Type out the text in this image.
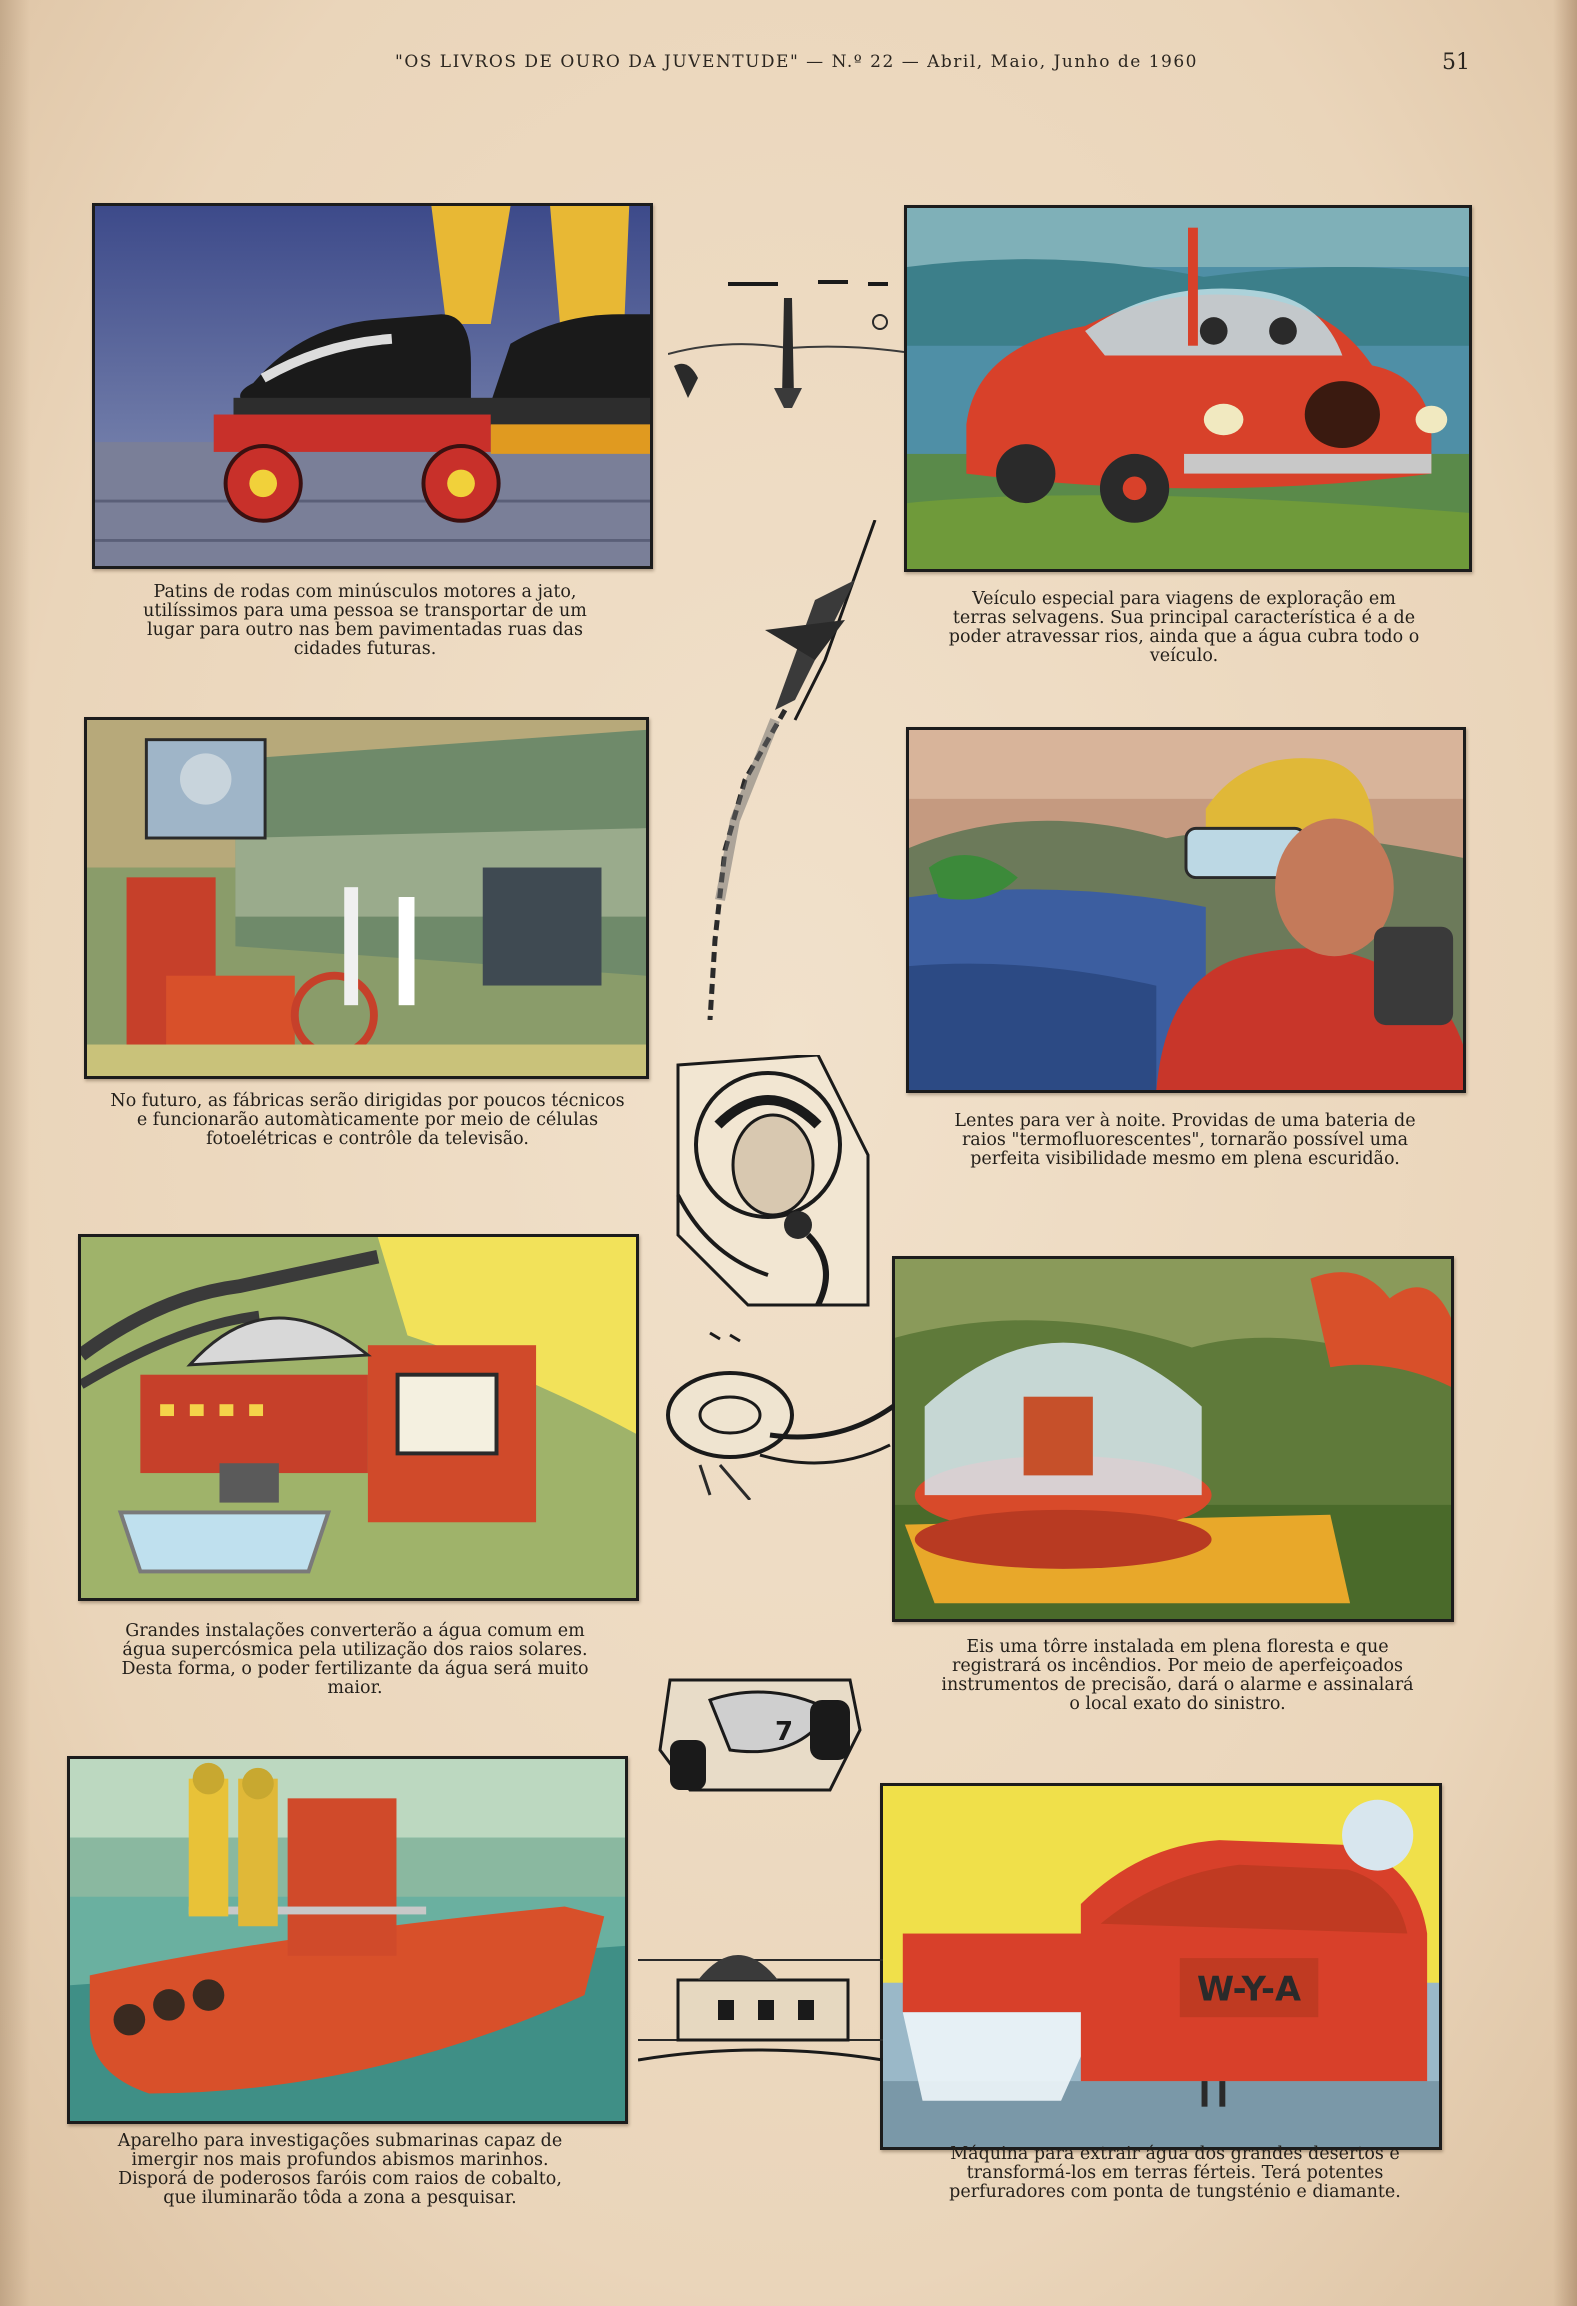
"OS LIVROS DE OURO DA JUVENTUDE" — N.º 22 — Abril, Maio, Junho de 1960	51
Patins de rodas com minúsculos motores a jato, utilíssimos para uma pessoa se transportar de um lugar para outro nas bem pavimentadas ruas das cidades futuras.
Veículo especial para viagens de exploração em terras selvagens. Sua principal característica é a de poder atravessar rios, ainda que a água cubra todo o veículo.
No futuro, as fábricas serão dirigidas por poucos técnicos e funcionarão automàticamente por meio de células fotoelétricas e contrôle da televisão.
Lentes para ver à noite. Providas de uma bateria de raios "termofluorescentes", tornarão possível uma perfeita visibilidade mesmo em plena escuridão.
Grandes instalações converterão a água comum em água supercósmica pela utilização dos raios solares. Desta forma, o poder fertilizante da água será muito maior.
Eis uma tôrre instalada em plena floresta e que registrará os incêndios. Por meio de aperfeiçoados instrumentos de precisão, dará o alarme e assinalará o local exato do sinistro.
Aparelho para investigações submarinas capaz de imergir nos mais profundos abismos marinhos. Disporá de poderosos faróis com raios de cobalto, que iluminarão tôda a zona a pesquisar.
W-Y-A
Máquina para extrair água dos grandes desertos e transformá-los em terras férteis. Terá potentes perfuradores com ponta de tungsténio e diamante.
7
